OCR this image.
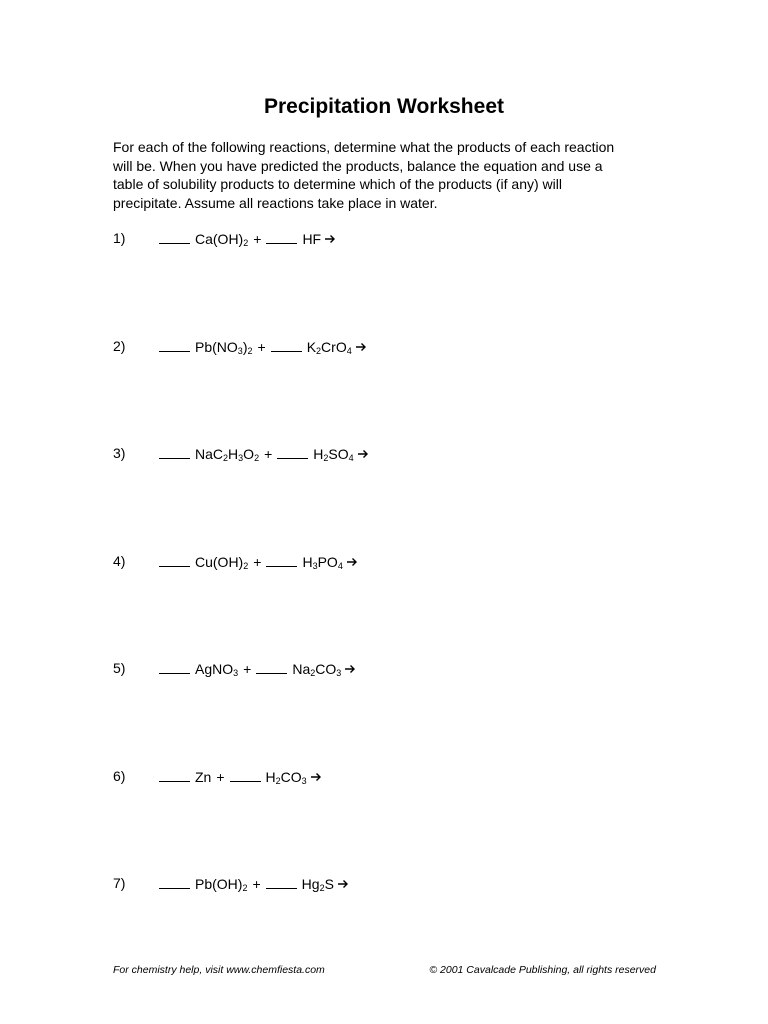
Precipitation Worksheet

For each of the following reactions, determine what the products of each reaction

will be. When you have predicted the products, balance the equation and use a

table of solubility products to determine which of the products (if any) will

precipitate. Assume all reactions take place in water.

1)	$Ca(OH)_2$ +	HF →
2)	$Pb(NO_3)_2$ +	$K_2CrO_4$ →
3)	$NaC_2H_3O_2$ +	$H_2SO_4$ →
4)	$Cu(OH)_2$ +	$H_3PO_4$ →
5)	AgNO$_3$ +	$Na_2CO_3$ →
6)	Zn +	$H_2CO_3$ →
7)	$Pb(OH)_2$ +	$Hg_2S$ →
For chemistry help, visit www.chemfiesta.com	© 2001 Cavalcade Publishing, all rights reserved
